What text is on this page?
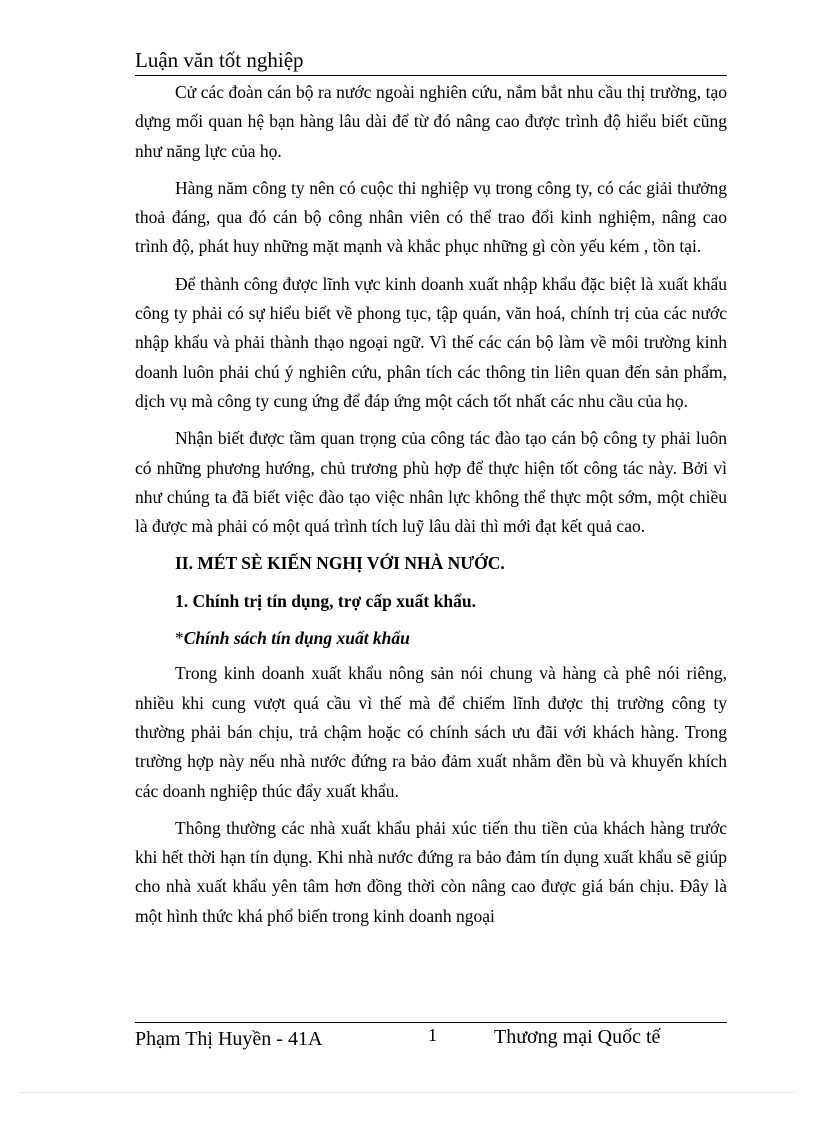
Luận văn tốt nghiệp

Cử các đoàn cán bộ ra nước ngoài nghiên cứu, nắm bắt nhu cầu thị trường, tạo dựng mối quan hệ bạn hàng lâu dài để từ đó nâng cao được trình độ hiểu biết cũng như năng lực của họ.

Hàng năm công ty nên có cuộc thi nghiệp vụ trong công ty, có các giải thưởng thoả đáng, qua đó cán bộ công nhân viên có thể trao đổi kinh nghiệm, nâng cao trình độ, phát huy những mặt mạnh và khắc phục những gì còn yếu kém , tồn tại.

Để thành công được lĩnh vực kinh doanh xuất nhập khẩu đặc biệt là xuất khẩu công ty phải có sự hiểu biết về phong tục, tập quán, văn hoá, chính trị của các nước nhập khẩu và phải thành thạo ngoại ngữ. Vì thế các cán bộ làm về môi trường kinh doanh luôn phải chú ý nghiên cứu, phân tích các thông tin liên quan đến sản phẩm, dịch vụ mà công ty cung ứng để đáp ứng một cách tốt nhất các nhu cầu của họ.

Nhận biết được tầm quan trọng của công tác đào tạo cán bộ công ty phải luôn có những phương hướng, chủ trương phù hợp để thực hiện tốt công tác này. Bởi vì như chúng ta đã biết việc đào tạo việc nhân lực không thể thực một sớm, một chiều là được mà phải có một quá trình tích luỹ lâu dài thì mới đạt kết quả cao.

II. MÉT SÈ KIẾN NGHỊ VỚI NHÀ NƯỚC.

1. Chính trị tín dụng, trợ cấp xuất khẩu.

*Chính sách tín dụng xuất khẩu

Trong kinh doanh xuất khẩu nông sản nói chung và hàng cà phê nói riêng, nhiều khi cung vượt quá cầu vì thế mà để chiếm lĩnh được thị trường công ty thường phải bán chịu, trả chậm hoặc có chính sách ưu đãi với khách hàng. Trong trường hợp này nếu nhà nước đứng ra bảo đảm xuất nhằm đền bù và khuyến khích các doanh nghiệp thúc đẩy xuất khẩu.

Thông thường các nhà xuất khẩu phải xúc tiến thu tiền của khách hàng trước khi hết thời hạn tín dụng. Khi nhà nước đứng ra bảo đảm tín dụng xuất khẩu sẽ giúp cho nhà xuất khẩu yên tâm hơn đồng thời còn nâng cao được giá bán chịu. Đây là một hình thức khá phổ biến trong kinh doanh ngoại

Phạm Thị Huyền - 41A	1	Thương mại Quốc tế
